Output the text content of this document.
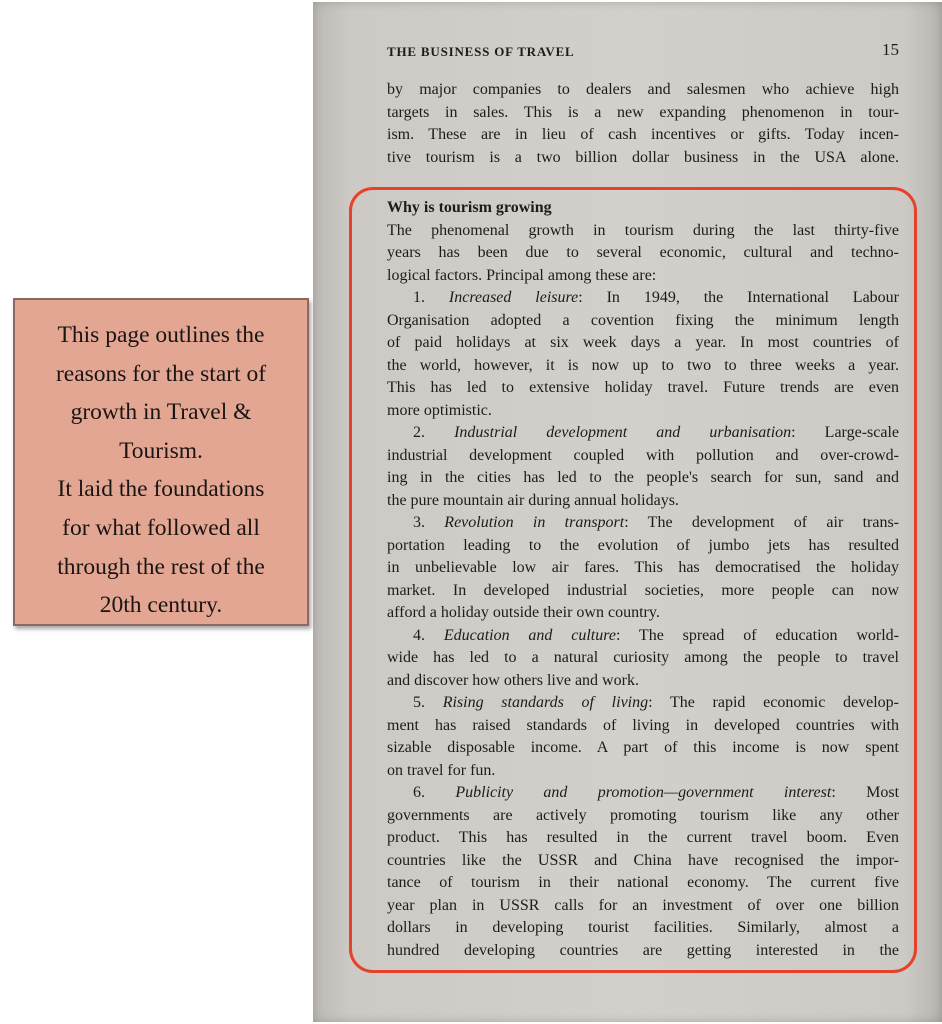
This page outlines the
reasons for the start of
growth in Travel &
Tourism.
It laid the foundations
for what followed all
through the rest of the
20th century.
THE BUSINESS OF TRAVEL	15
by major companies to dealers and salesmen who achieve high
targets in sales. This is a new expanding phenomenon in tour-
ism. These are in lieu of cash incentives or gifts. Today incen-
tive tourism is a two billion dollar business in the USA alone.
Why is tourism growing
The phenomenal growth in tourism during the last thirty-five
years has been due to several economic, cultural and techno-
logical factors. Principal among these are:
1. Increased leisure: In 1949, the International Labour
Organisation adopted a covention fixing the minimum length
of paid holidays at six week days a year. In most countries of
the world, however, it is now up to two to three weeks a year.
This has led to extensive holiday travel. Future trends are even
more optimistic.
2. Industrial development and urbanisation: Large-scale
industrial development coupled with pollution and over-crowd-
ing in the cities has led to the people's search for sun, sand and
the pure mountain air during annual holidays.
3. Revolution in transport: The development of air trans-
portation leading to the evolution of jumbo jets has resulted
in unbelievable low air fares. This has democratised the holiday
market. In developed industrial societies, more people can now
afford a holiday outside their own country.
4. Education and culture: The spread of education world-
wide has led to a natural curiosity among the people to travel
and discover how others live and work.
5. Rising standards of living: The rapid economic develop-
ment has raised standards of living in developed countries with
sizable disposable income. A part of this income is now spent
on travel for fun.
6. Publicity and promotion—government interest: Most
governments are actively promoting tourism like any other
product. This has resulted in the current travel boom. Even
countries like the USSR and China have recognised the impor-
tance of tourism in their national economy. The current five
year plan in USSR calls for an investment of over one billion
dollars in developing tourist facilities. Similarly, almost a
hundred developing countries are getting interested in the
